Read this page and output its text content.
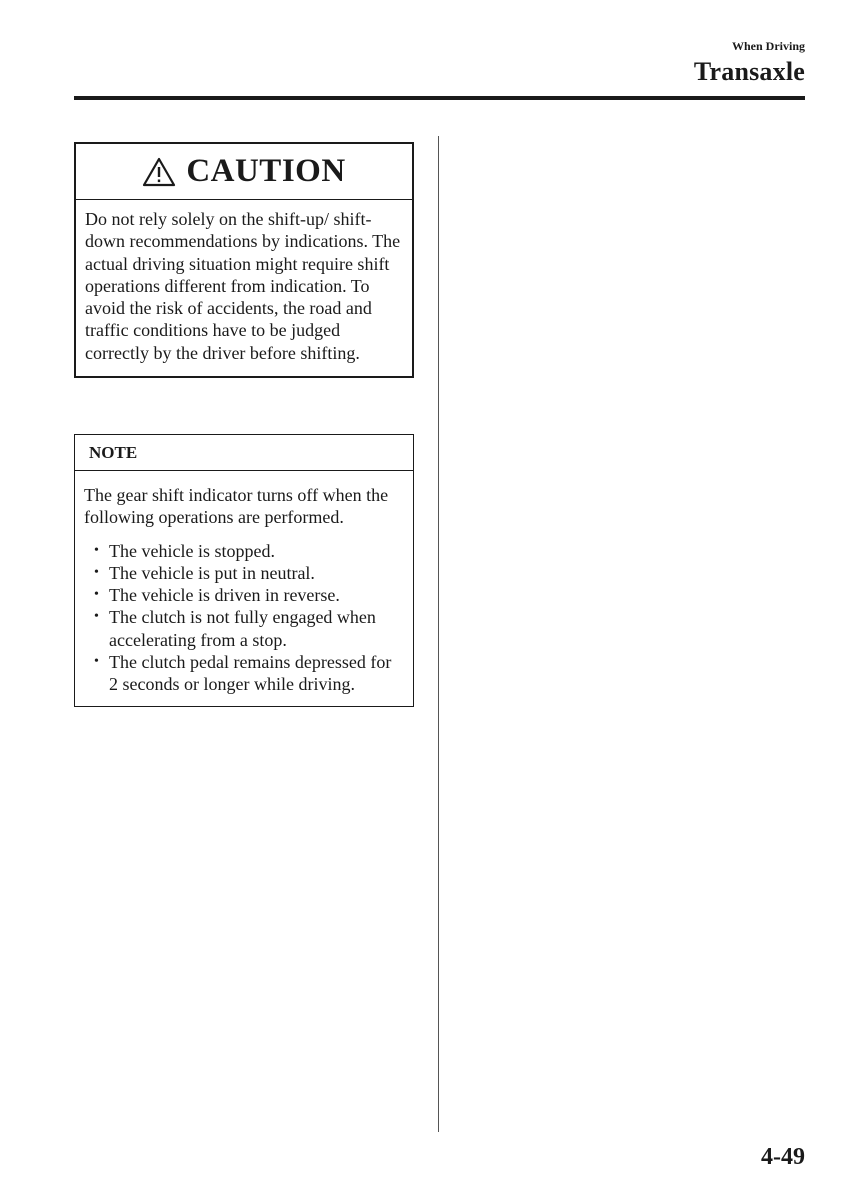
When Driving
Transaxle
CAUTION
Do not rely solely on the shift-up/ shift-down recommendations by indications. The actual driving situation might require shift operations different from indication. To avoid the risk of accidents, the road and traffic conditions have to be judged correctly by the driver before shifting.
NOTE

The gear shift indicator turns off when the following operations are performed.

• The vehicle is stopped.
• The vehicle is put in neutral.
• The vehicle is driven in reverse.
• The clutch is not fully engaged when accelerating from a stop.
• The clutch pedal remains depressed for 2 seconds or longer while driving.
4-49
